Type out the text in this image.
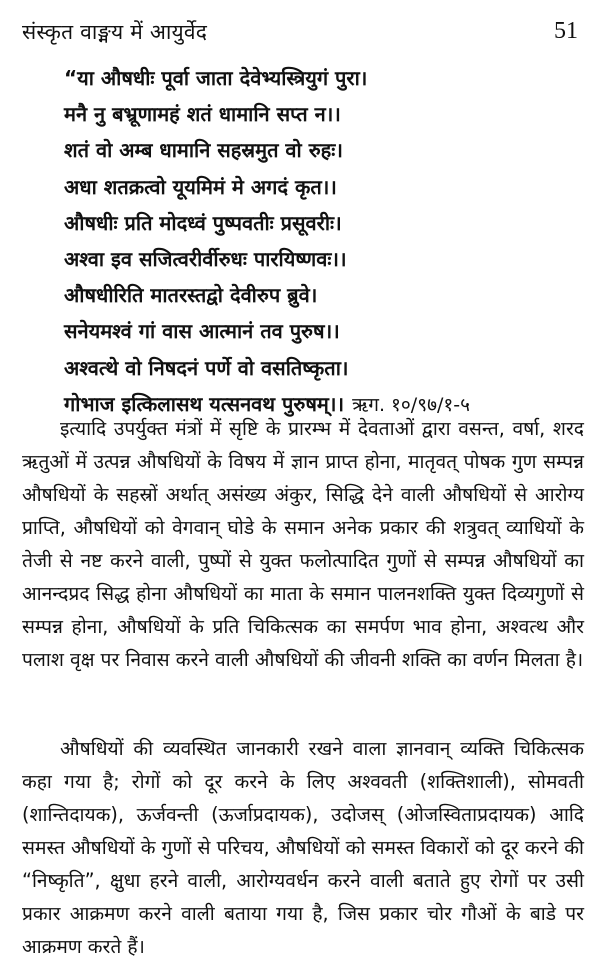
संस्कृत वाङ्मय में आयुर्वेद	51
“या औषधीः पूर्वा जाता देवेभ्यस्त्रियुगं पुरा।
मनै नु बभ्रूणामहं शतं धामानि सप्त न।।
शतं वो अम्ब धामानि सहस्रमुत वो रुहः।
अधा शतक्रत्वो यूयमिमं मे अगदं कृत।।
औषधीः प्रति मोदध्वं पुष्पवतीः प्रसूवरीः।
अश्वा इव सजित्वरीर्वीरुधः पारयिष्णवः।।
औषधीरिति मातरस्तद्वो देवीरुप ब्रुवे।
सनेयमश्वं गां वास आत्मानं तव पुरुष।।
अश्वत्थे वो निषदनं पर्णे वो वसतिष्कृता।
गोभाज इत्किलासथ यत्सनवथ पुरुषम्।। ऋग. १०/९७/१-५

इत्यादि उपर्युक्त मंत्रों में सृष्टि के प्रारम्भ में देवताओं द्वारा वसन्त, वर्षा, शरद ऋतुओं में उत्पन्न औषधियों के विषय में ज्ञान प्राप्त होना, मातृवत् पोषक गुण सम्पन्न औषधियों के सहस्रों अर्थात् असंख्य अंकुर, सिद्धि देने वाली औषधियों से आरोग्य प्राप्ति, औषधियों को वेगवान् घोडे के समान अनेक प्रकार की शत्रुवत् व्याधियों के तेजी से नष्ट करने वाली, पुष्पों से युक्त फलोत्पादित गुणों से सम्पन्न औषधियों का आनन्दप्रद सिद्ध होना औषधियों का माता के समान पालनशक्ति युक्त दिव्यगुणों से सम्पन्न होना, औषधियों के प्रति चिकित्सक का समर्पण भाव होना, अश्वत्थ और पलाश वृक्ष पर निवास करने वाली औषधियों की जीवनी शक्ति का वर्णन मिलता है।

औषधियों की व्यवस्थित जानकारी रखने वाला ज्ञानवान् व्यक्ति चिकित्सक कहा गया है; रोगों को दूर करने के लिए अश्ववती (शक्तिशाली), सोमवती (शान्तिदायक), ऊर्जवन्ती (ऊर्जाप्रदायक), उदोजस् (ओजस्विताप्रदायक) आदि समस्त औषधियों के गुणों से परिचय, औषधियों को समस्त विकारों को दूर करने की “निष्कृति”, क्षुधा हरने वाली, आरोग्यवर्धन करने वाली बताते हुए रोगों पर उसी प्रकार आक्रमण करने वाली बताया गया है, जिस प्रकार चोर गौओं के बाडे पर आक्रमण करते हैं।
